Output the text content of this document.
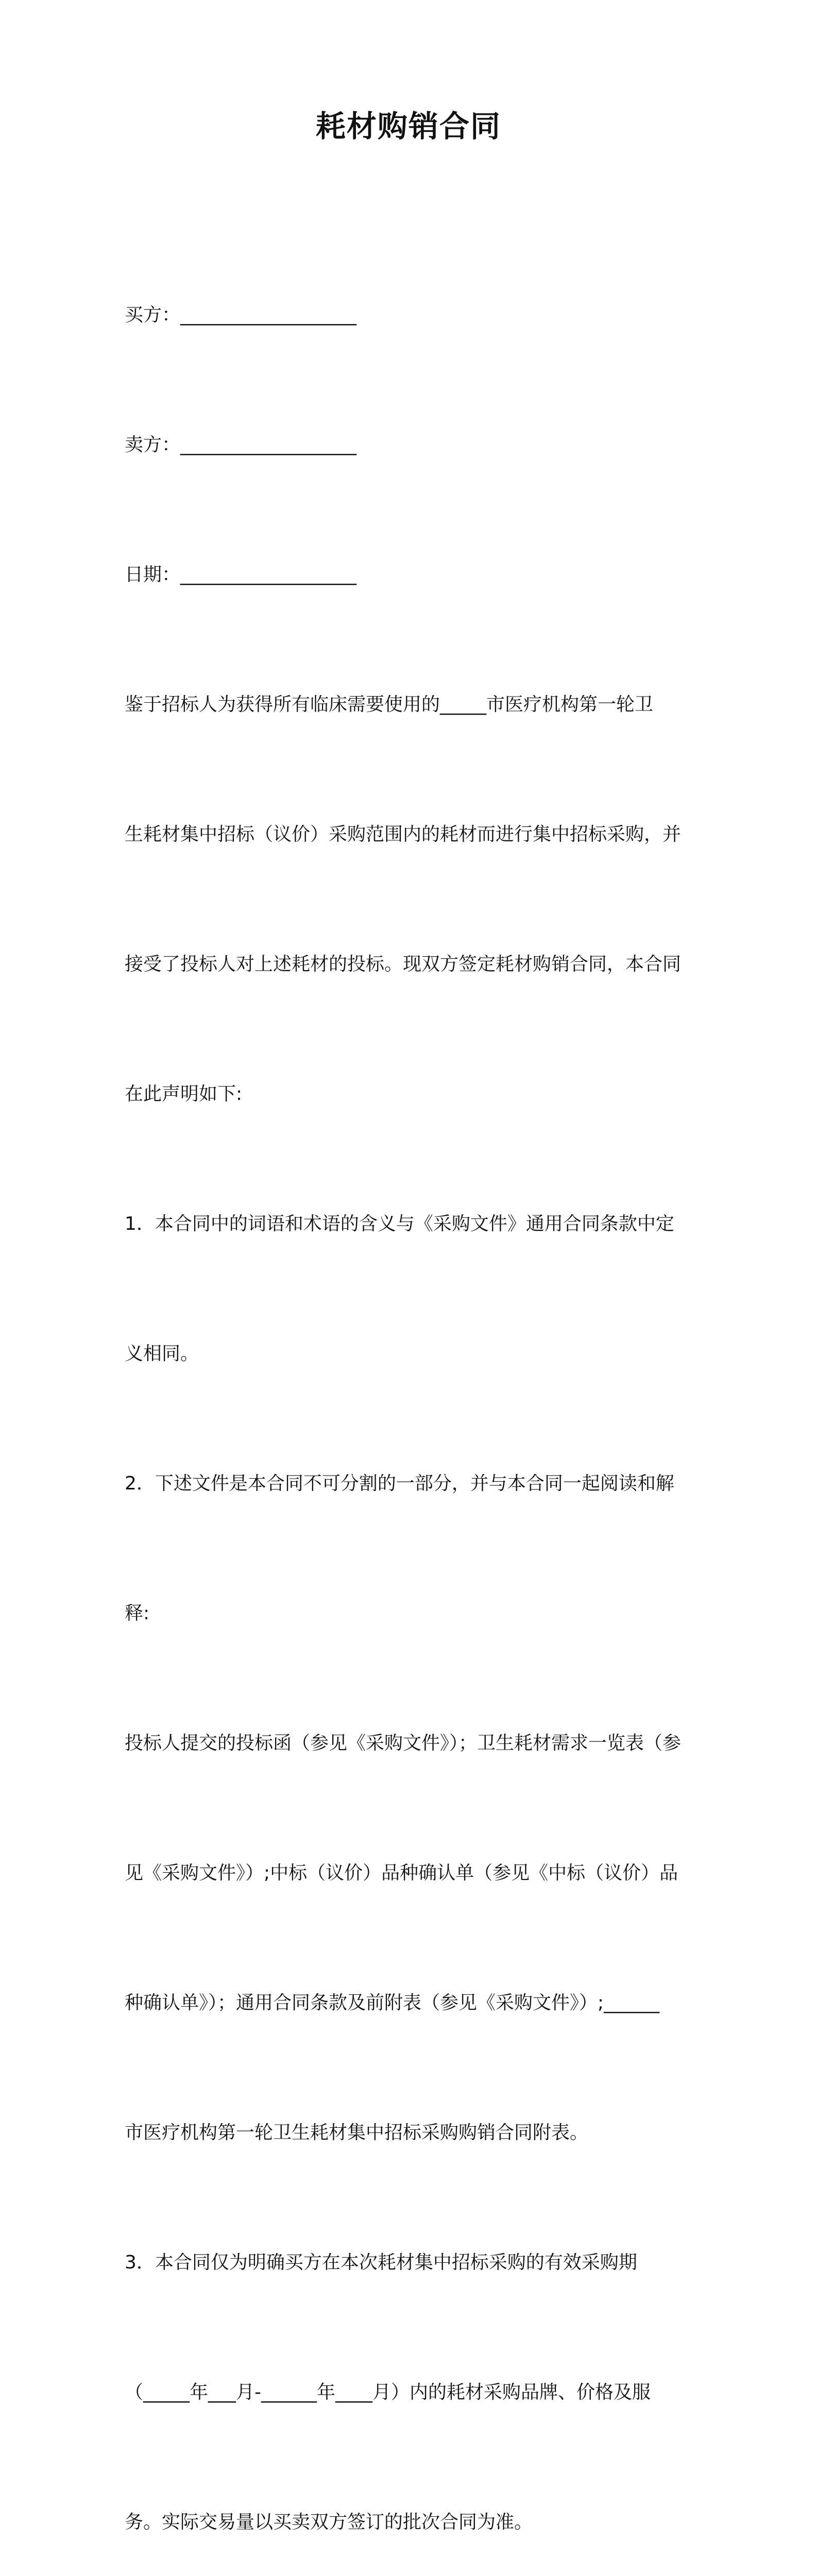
耗材购销合同

买方：___________________

卖方：___________________

日期：___________________

鉴于招标人为获得所有临床需要使用的_____市医疗机构第一轮卫

生耗材集中招标（议价）采购范围内的耗材而进行集中招标采购，并

接受了投标人对上述耗材的投标。现双方签定耗材购销合同，本合同

在此声明如下:

1．本合同中的词语和术语的含义与《采购文件》通用合同条款中定

义相同。

2．下述文件是本合同不可分割的一部分，并与本合同一起阅读和解

释:

投标人提交的投标函（参见《采购文件》）；卫生耗材需求一览表（参

见《采购文件》）;中标（议价）品种确认单（参见《中标（议价）品

种确认单》）；通用合同条款及前附表（参见《采购文件》）;______

市医疗机构第一轮卫生耗材集中招标采购购销合同附表。

3．本合同仅为明确买方在本次耗材集中招标采购的有效采购期

（_____年___月-______年____月）内的耗材采购品牌、价格及服

务。实际交易量以买卖双方签订的批次合同为准。
